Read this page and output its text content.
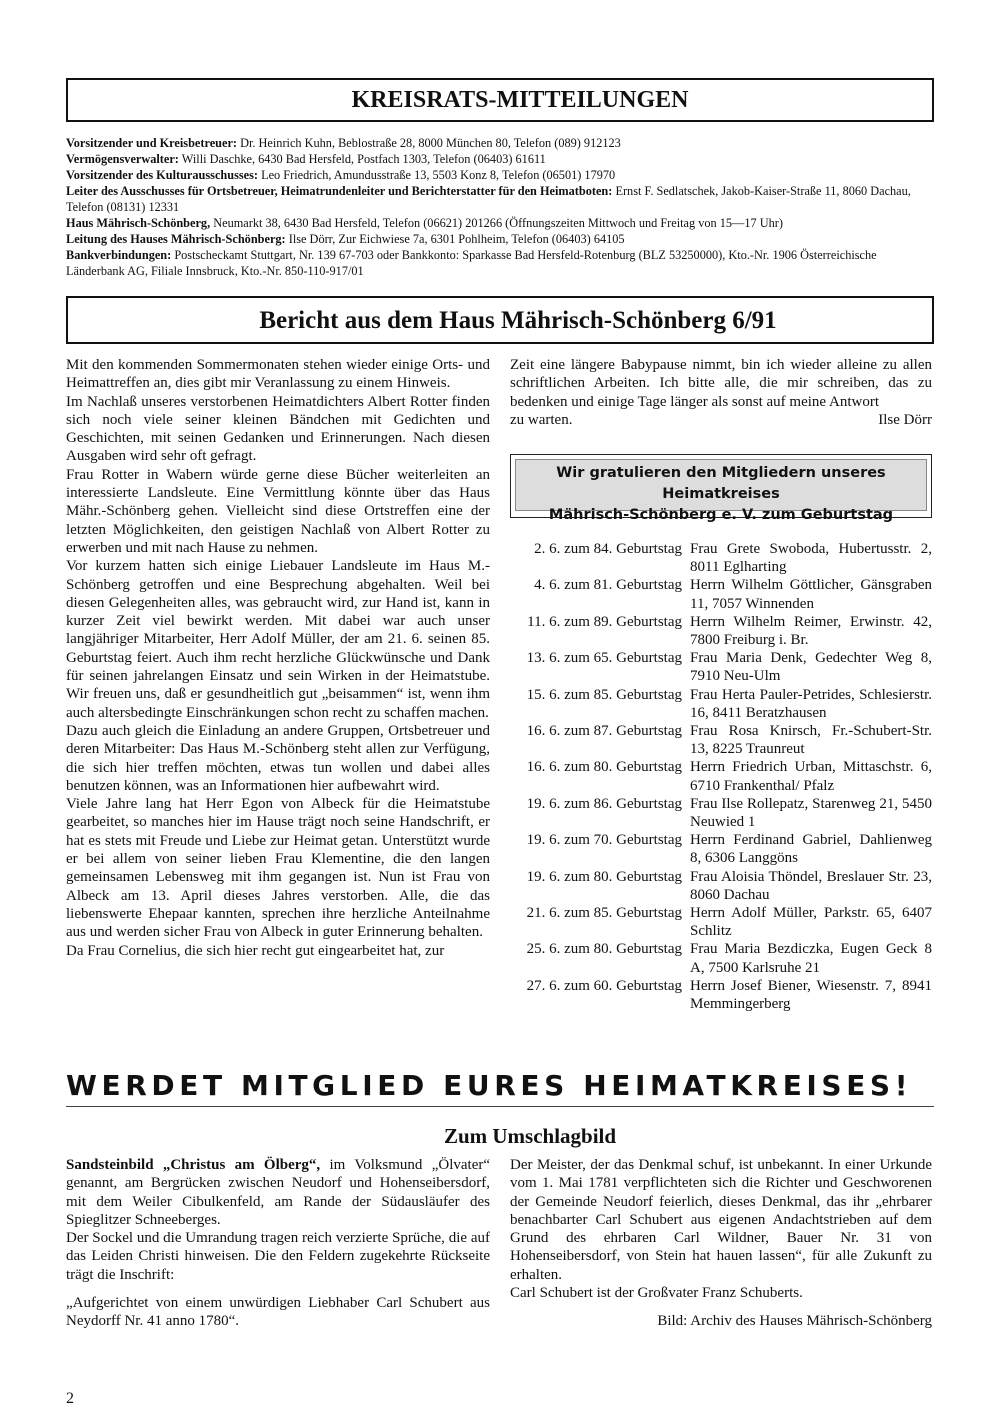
KREISRATS-MITTEILUNGEN

Vorsitzender und Kreisbetreuer: Dr. Heinrich Kuhn, Beblostraße 28, 8000 München 80, Telefon (089) 912123

Vermögensverwalter: Willi Daschke, 6430 Bad Hersfeld, Postfach 1303, Telefon (06403) 61611

Vorsitzender des Kulturausschusses: Leo Friedrich, Amundusstraße 13, 5503 Konz 8, Telefon (06501) 17970

Leiter des Ausschusses für Ortsbetreuer, Heimatrundenleiter und Berichterstatter für den Heimatboten: Ernst F. Sedlatschek, Jakob-Kaiser-Straße 11, 8060 Dachau, Telefon (08131) 12331

Haus Mährisch-Schönberg, Neumarkt 38, 6430 Bad Hersfeld, Telefon (06621) 201266 (Öffnungszeiten Mittwoch und Freitag von 15—17 Uhr)

Leitung des Hauses Mährisch-Schönberg: Ilse Dörr, Zur Eichwiese 7a, 6301 Pohlheim, Telefon (06403) 64105

Bankverbindungen: Postscheckamt Stuttgart, Nr. 139 67-703 oder Bankkonto: Sparkasse Bad Hersfeld-Rotenburg (BLZ 53250000), Kto.-Nr. 1906 Österreichische Länderbank AG, Filiale Innsbruck, Kto.-Nr. 850-110-917/01

Bericht aus dem Haus Mährisch-Schönberg 6/91

Mit den kommenden Sommermonaten stehen wieder einige Orts- und Heimattreffen an, dies gibt mir Veranlassung zu einem Hinweis.

Im Nachlaß unseres verstorbenen Heimatdichters Albert Rotter finden sich noch viele seiner kleinen Bändchen mit Gedichten und Geschichten, mit seinen Gedanken und Erinnerungen. Nach diesen Ausgaben wird sehr oft gefragt.

Frau Rotter in Wabern würde gerne diese Bücher weiterleiten an interessierte Landsleute. Eine Vermittlung könnte über das Haus Mähr.-Schönberg gehen. Vielleicht sind diese Ortstreffen eine der letzten Möglichkeiten, den geistigen Nachlaß von Albert Rotter zu erwerben und mit nach Hause zu nehmen.

Vor kurzem hatten sich einige Liebauer Landsleute im Haus M.-Schönberg getroffen und eine Besprechung abgehalten. Weil bei diesen Gelegenheiten alles, was gebraucht wird, zur Hand ist, kann in kurzer Zeit viel bewirkt werden. Mit dabei war auch unser langjähriger Mitarbeiter, Herr Adolf Müller, der am 21. 6. seinen 85. Geburtstag feiert. Auch ihm recht herzliche Glückwünsche und Dank für seinen jahrelangen Einsatz und sein Wirken in der Heimatstube. Wir freuen uns, daß er gesundheitlich gut „beisammen“ ist, wenn ihm auch altersbedingte Einschränkungen schon recht zu schaffen machen.

Dazu auch gleich die Einladung an andere Gruppen, Ortsbetreuer und deren Mitarbeiter: Das Haus M.-Schönberg steht allen zur Verfügung, die sich hier treffen möchten, etwas tun wollen und dabei alles benutzen können, was an Informationen hier aufbewahrt wird.

Viele Jahre lang hat Herr Egon von Albeck für die Heimatstube gearbeitet, so manches hier im Hause trägt noch seine Handschrift, er hat es stets mit Freude und Liebe zur Heimat getan. Unterstützt wurde er bei allem von seiner lieben Frau Klementine, die den langen gemeinsamen Lebensweg mit ihm gegangen ist. Nun ist Frau von Albeck am 13. April dieses Jahres verstorben. Alle, die das liebenswerte Ehepaar kannten, sprechen ihre herzliche Anteilnahme aus und werden sicher Frau von Albeck in guter Erinnerung behalten.

Da Frau Cornelius, die sich hier recht gut eingearbeitet hat, zur

Zeit eine längere Babypause nimmt, bin ich wieder alleine zu allen schriftlichen Arbeiten. Ich bitte alle, die mir schreiben, das zu bedenken und einige Tage länger als sonst auf meine Antwort

zu warten.	Ilse Dörr
Wir gratulieren den Mitgliedern unseres Heimatkreises
Mährisch-Schönberg e. V. zum Geburtstag
2. 6. zum 84. Geburtstag Frau Grete Swoboda, Hubertusstr. 2, 8011 Eglharting
4. 6. zum 81. Geburtstag Herrn Wilhelm Göttlicher, Gänsgraben 11, 7057 Winnenden
11. 6. zum 89. Geburtstag Herrn Wilhelm Reimer, Erwinstr. 42, 7800 Freiburg i. Br.
13. 6. zum 65. Geburtstag Frau Maria Denk, Gedechter Weg 8, 7910 Neu-Ulm
15. 6. zum 85. Geburtstag Frau Herta Pauler-Petrides, Schlesierstr. 16, 8411 Beratzhausen
16. 6. zum 87. Geburtstag Frau Rosa Knirsch, Fr.-Schubert-Str. 13, 8225 Traunreut
16. 6. zum 80. Geburtstag Herrn Friedrich Urban, Mittaschstr. 6, 6710 Frankenthal/ Pfalz
19. 6. zum 86. Geburtstag Frau Ilse Rollepatz, Starenweg 21, 5450 Neuwied 1
19. 6. zum 70. Geburtstag Herrn Ferdinand Gabriel, Dahlienweg 8, 6306 Langgöns
19. 6. zum 80. Geburtstag Frau Aloisia Thöndel, Breslauer Str. 23, 8060 Dachau
21. 6. zum 85. Geburtstag Herrn Adolf Müller, Parkstr. 65, 6407 Schlitz
25. 6. zum 80. Geburtstag Frau Maria Bezdiczka, Eugen Geck 8 A, 7500 Karlsruhe 21
27. 6. zum 60. Geburtstag Herrn Josef Biener, Wiesenstr. 7, 8941 Memmingerberg
WERDET MITGLIED EURES HEIMATKREISES!
Zum Umschlagbild

Sandsteinbild „Christus am Ölberg“, im Volksmund „Ölvater“ genannt, am Bergrücken zwischen Neudorf und Hohenseibersdorf, mit dem Weiler Cibulkenfeld, am Rande der Südausläufer des Spieglitzer Schneeberges.

Der Sockel und die Umrandung tragen reich verzierte Sprüche, die auf das Leiden Christi hinweisen. Die den Feldern zugekehrte Rückseite trägt die Inschrift:

„Aufgerichtet von einem unwürdigen Liebhaber Carl Schubert aus Neydorff Nr. 41 anno 1780“.

Der Meister, der das Denkmal schuf, ist unbekannt. In einer Urkunde vom 1. Mai 1781 verpflichteten sich die Richter und Geschworenen der Gemeinde Neudorf feierlich, dieses Denkmal, das ihr „ehrbarer benachbarter Carl Schubert aus eigenen Andachtstrieben auf dem Grund des ehrbaren Carl Wildner, Bauer Nr. 31 von Hohenseibersdorf, von Stein hat hauen lassen“, für alle Zukunft zu erhalten.

Carl Schubert ist der Großvater Franz Schuberts.

Bild: Archiv des Hauses Mährisch-Schönberg

2
